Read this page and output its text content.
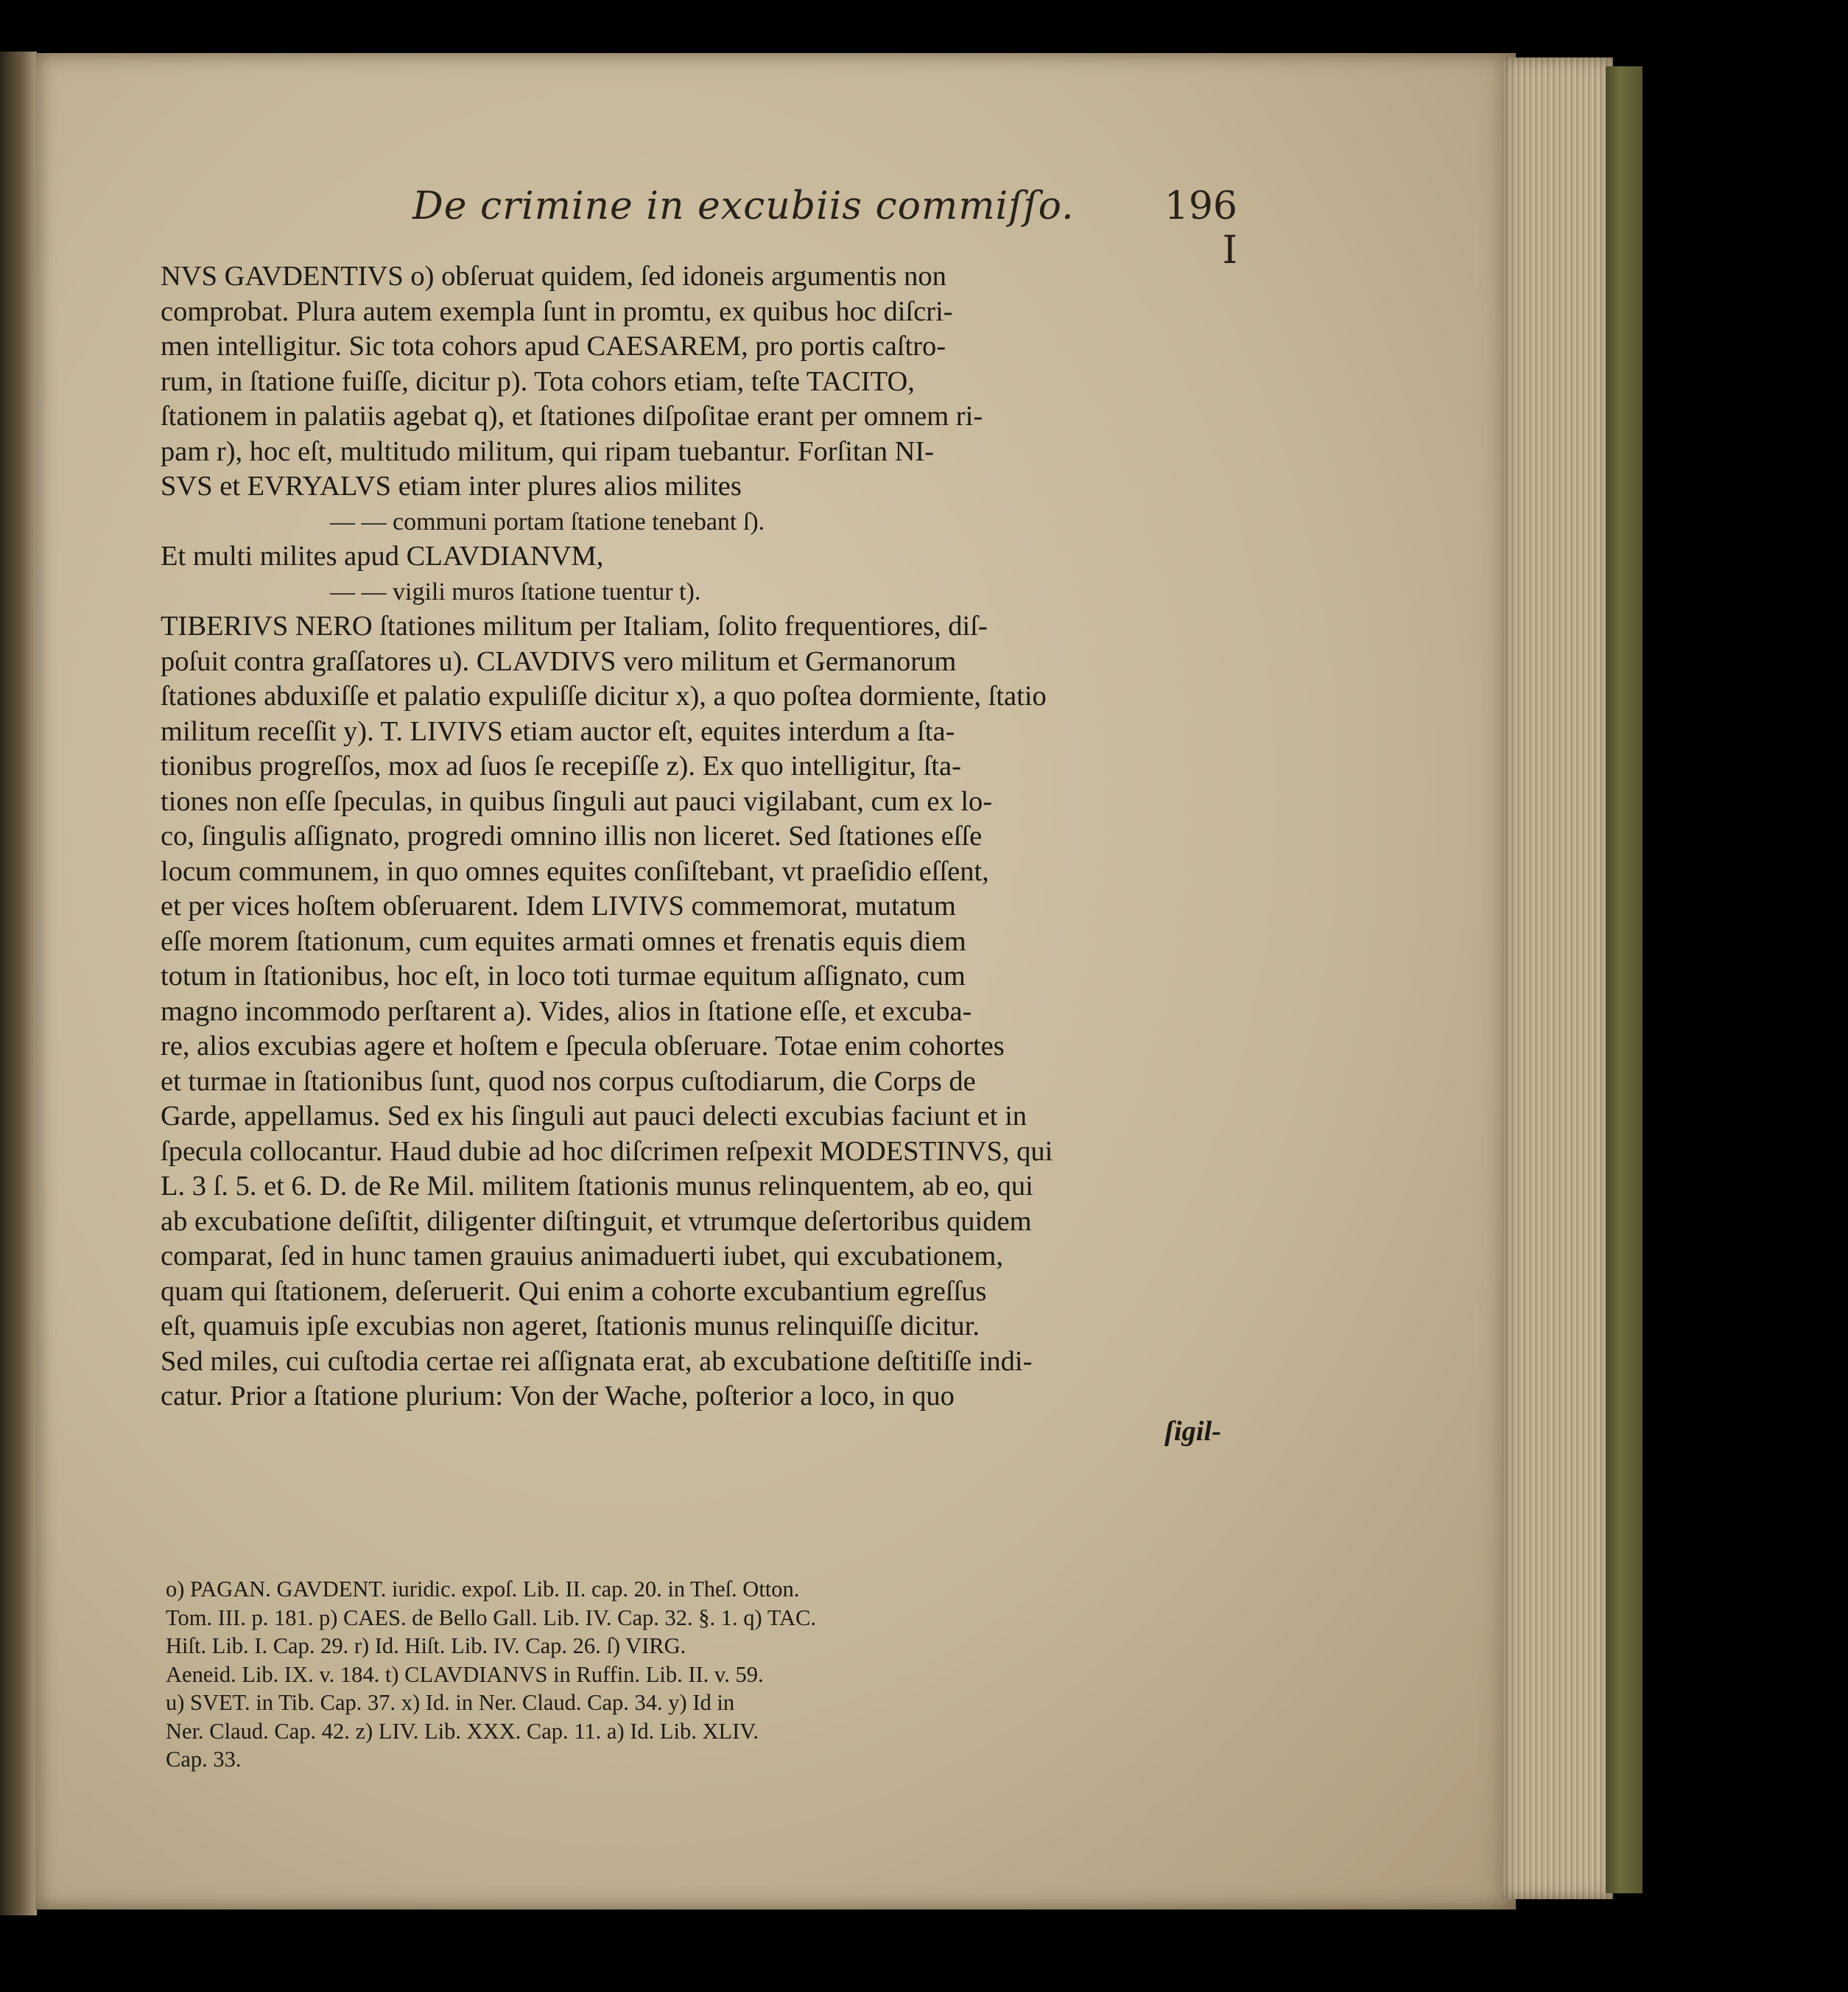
De crimine in excubiis commiſſo.	196 I
NVS GAVDENTIVS o) obſeruat quidem, ſed idoneis argumentis non
comprobat. Plura autem exempla ſunt in promtu, ex quibus hoc diſcri-
men intelligitur. Sic tota cohors apud CAESAREM, pro portis caſtro-
rum, in ſtatione fuiſſe, dicitur p). Tota cohors etiam, teſte TACITO,
ſtationem in palatiis agebat q), et ſtationes diſpoſitae erant per omnem ri-
pam r), hoc eſt, multitudo militum, qui ripam tuebantur. Forſitan NI-
SVS et EVRYALVS etiam inter plures alios milites
— — communi portam ſtatione tenebant ſ).
Et multi milites apud CLAVDIANVM,
— — vigili muros ſtatione tuentur t).
TIBERIVS NERO ſtationes militum per Italiam, ſolito frequentiores, diſ-
poſuit contra graſſatores u). CLAVDIVS vero militum et Germanorum
ſtationes abduxiſſe et palatio expuliſſe dicitur x), a quo poſtea dormiente, ſtatio
militum receſſit y). T. LIVIVS etiam auctor eſt, equites interdum a ſta-
tionibus progreſſos, mox ad ſuos ſe recepiſſe z). Ex quo intelligitur, ſta-
tiones non eſſe ſpeculas, in quibus ſinguli aut pauci vigilabant, cum ex lo-
co, ſingulis aſſignato, progredi omnino illis non liceret. Sed ſtationes eſſe
locum communem, in quo omnes equites conſiſtebant, vt praeſidio eſſent,
et per vices hoſtem obſeruarent. Idem LIVIVS commemorat, mutatum
eſſe morem ſtationum, cum equites armati omnes et frenatis equis diem
totum in ſtationibus, hoc eſt, in loco toti turmae equitum aſſignato, cum
magno incommodo perſtarent a). Vides, alios in ſtatione eſſe, et excuba-
re, alios excubias agere et hoſtem e ſpecula obſeruare. Totae enim cohortes
et turmae in ſtationibus ſunt, quod nos corpus cuſtodiarum, die Corps de
Garde, appellamus. Sed ex his ſinguli aut pauci delecti excubias faciunt et in
ſpecula collocantur. Haud dubie ad hoc diſcrimen reſpexit MODESTINVS, qui
L. 3 ſ. 5. et 6. D. de Re Mil. militem ſtationis munus relinquentem, ab eo, qui
ab excubatione deſiſtit, diligenter diſtinguit, et vtrumque deſertoribus quidem
comparat, ſed in hunc tamen grauius animaduerti iubet, qui excubationem,
quam qui ſtationem, deſeruerit. Qui enim a cohorte excubantium egreſſus
eſt, quamuis ipſe excubias non ageret, ſtationis munus relinquiſſe dicitur.
Sed miles, cui cuſtodia certae rei aſſignata erat, ab excubatione deſtitiſſe indi-
catur. Prior a ſtatione plurium: Von der Wache, poſterior a loco, in quo
ſigil-
o) PAGAN. GAVDENT. iuridic. expoſ. Lib. II. cap. 20. in Theſ. Otton.
Tom. III. p. 181. p) CAES. de Bello Gall. Lib. IV. Cap. 32. §. 1. q) TAC.
Hiſt. Lib. I. Cap. 29. r) Id. Hiſt. Lib. IV. Cap. 26. ſ) VIRG.
Aeneid. Lib. IX. v. 184. t) CLAVDIANVS in Ruffin. Lib. II. v. 59.
u) SVET. in Tib. Cap. 37. x) Id. in Ner. Claud. Cap. 34. y) Id in
Ner. Claud. Cap. 42. z) LIV. Lib. XXX. Cap. 11. a) Id. Lib. XLIV.
Cap. 33.
